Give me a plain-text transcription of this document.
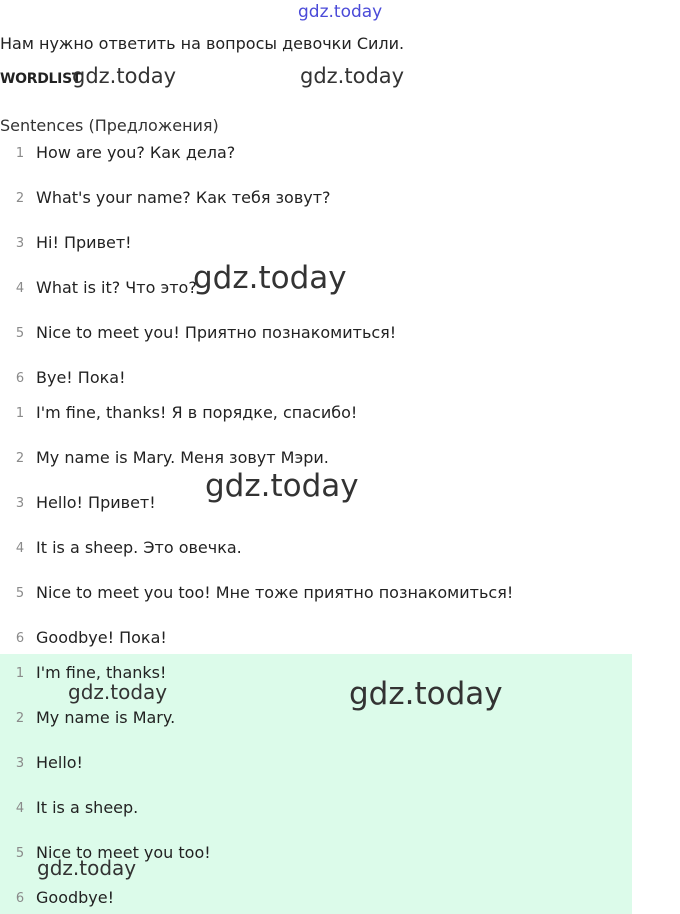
gdz.today
Нам нужно ответить на вопросы девочки Сили.
WORDLIST
gdz.today	gdz.today
Sentences (Предложения)
1 How are you? Как дела?
2 What's your name? Как тебя зовут?
3 Hi! Привет!
4 What is it? Что это?
5 Nice to meet you! Приятно познакомиться!
6 Bye! Пока!
1 I'm fine, thanks! Я в порядке, спасибо!
2 My name is Mary. Меня зовут Мэри.
3 Hello! Привет!
4 It is a sheep. Это овечка.
5 Nice to meet you too! Мне тоже приятно познакомиться!
6 Goodbye! Пока!
1 I'm fine, thanks!
2 My name is Mary.
3 Hello!
4 It is a sheep.
5 Nice to meet you too!
6 Goodbye!
gdz.today
gdz.today
gdz.today	gdz.today
gdz.today
